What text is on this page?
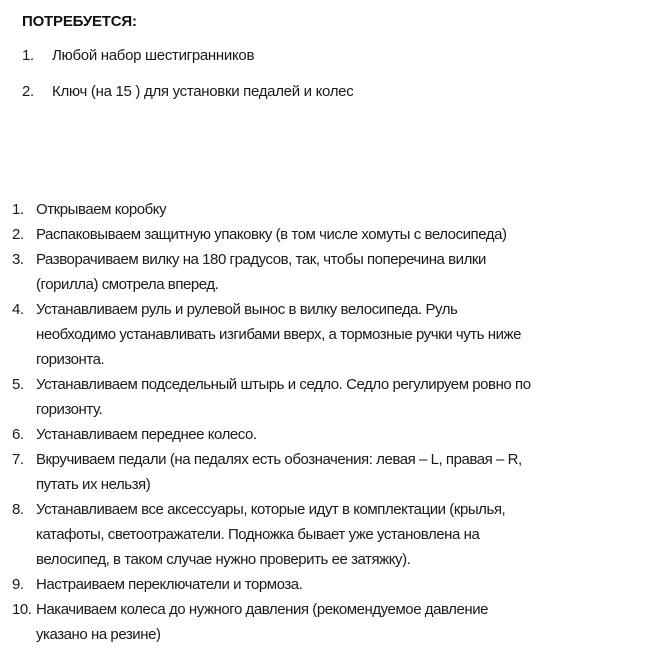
ПОТРЕБУЕТСЯ:
1. Любой набор шестигранников
2. Ключ (на 15 ) для установки педалей и колес
1. Открываем коробку
2. Распаковываем защитную упаковку (в том числе хомуты с велосипеда)
3. Разворачиваем вилку на 180 градусов, так, чтобы поперечина вилки
(горилла) смотрела вперед.
4. Устанавливаем руль и рулевой вынос в вилку велосипеда. Руль
необходимо устанавливать изгибами вверх, а тормозные ручки чуть ниже
горизонта.
5. Устанавливаем подседельный штырь и седло. Седло регулируем ровно по
горизонту.
6. Устанавливаем переднее колесо.
7. Вкручиваем педали (на педалях есть обозначения: левая – L, правая – R,
путать их нельзя)
8. Устанавливаем все аксессуары, которые идут в комплектации (крылья,
катафоты, светоотражатели. Подножка бывает уже установлена на
велосипед, в таком случае нужно проверить ее затяжку).
9. Настраиваем переключатели и тормоза.
10. Накачиваем колеса до нужного давления (рекомендуемое давление
указано на резине)
